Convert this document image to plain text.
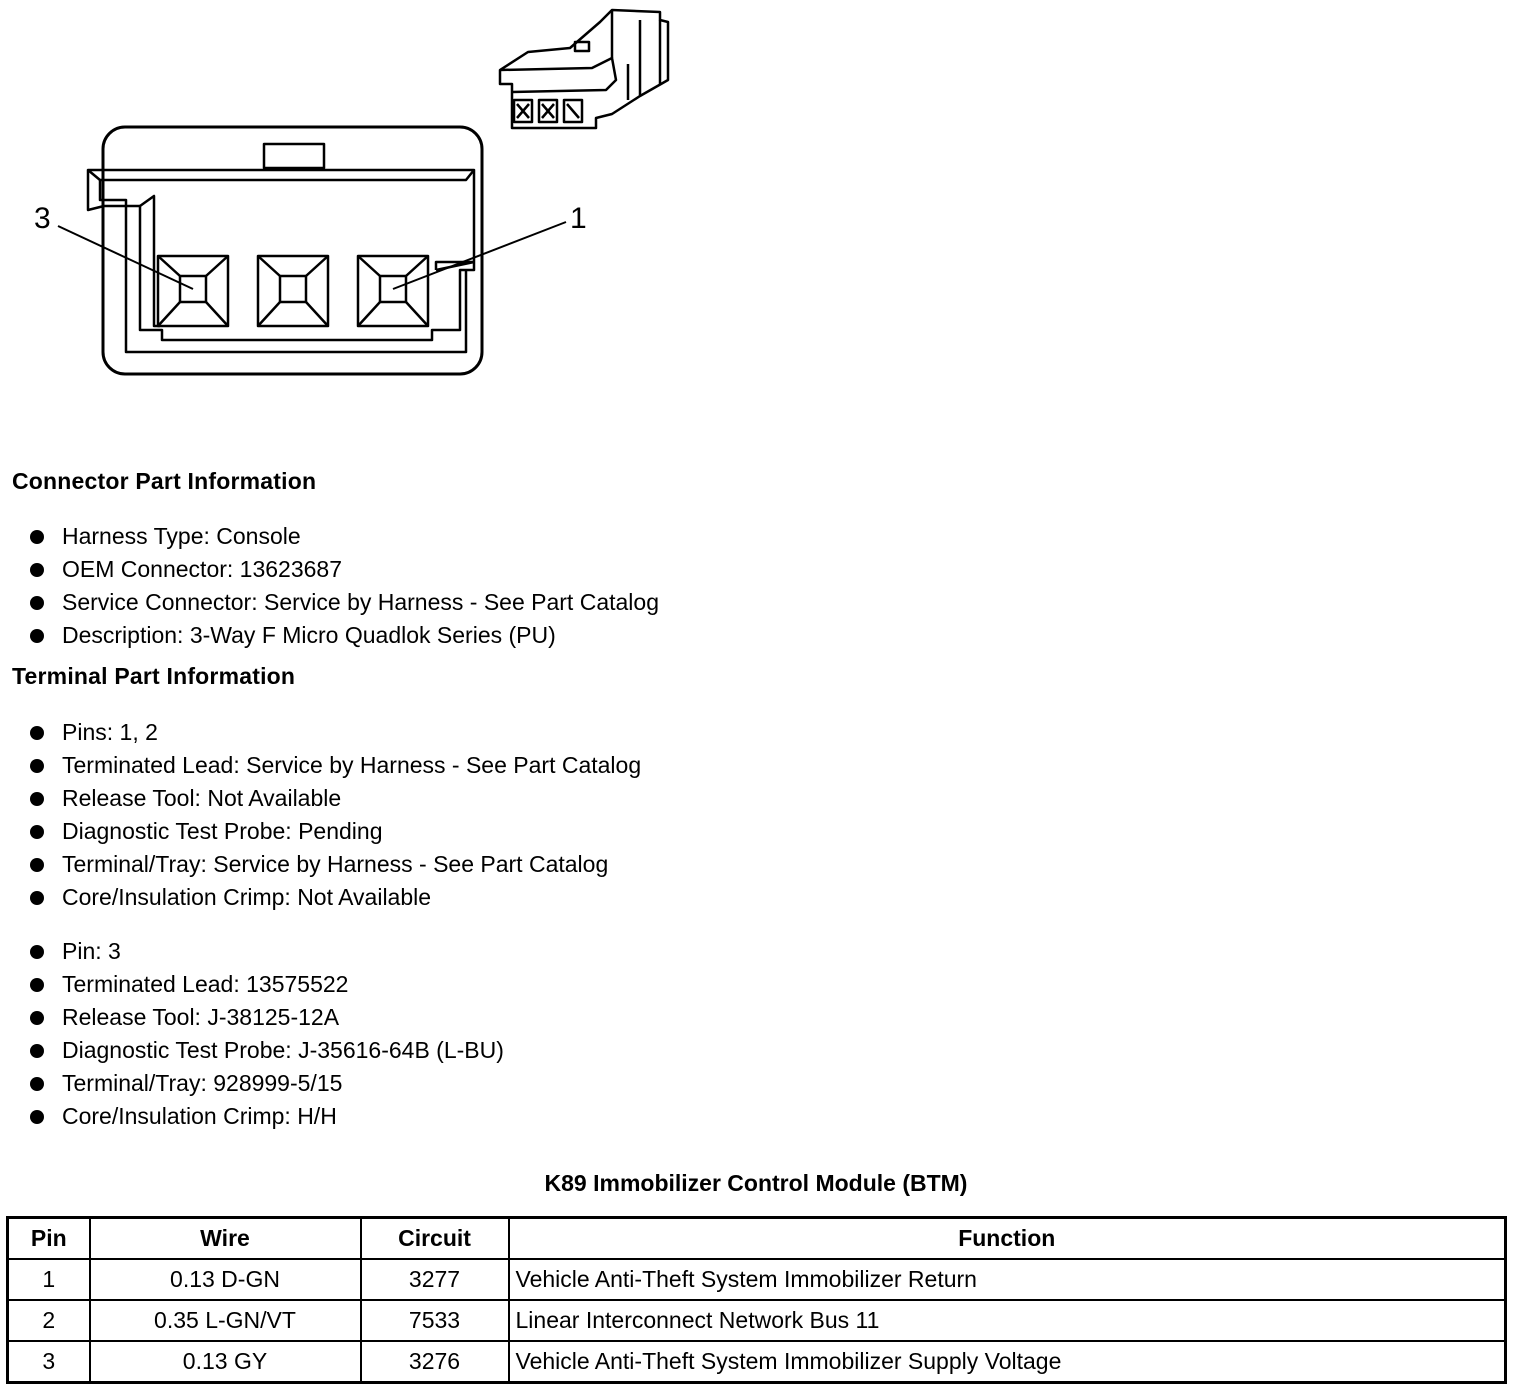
3	1
Connector Part Information
Harness Type: Console
OEM Connector: 13623687
Service Connector: Service by Harness - See Part Catalog
Description: 3-Way F Micro Quadlok Series (PU)
Terminal Part Information
Pins: 1, 2
Terminated Lead: Service by Harness - See Part Catalog
Release Tool: Not Available
Diagnostic Test Probe: Pending
Terminal/Tray: Service by Harness - See Part Catalog
Core/Insulation Crimp: Not Available
Pin: 3
Terminated Lead: 13575522
Release Tool: J-38125-12A
Diagnostic Test Probe: J-35616-64B (L-BU)
Terminal/Tray: 928999-5/15
Core/Insulation Crimp: H/H
K89 Immobilizer Control Module (BTM)
Pin	Wire	Circuit	Function
1	0.13 D-GN	3277	Vehicle Anti-Theft System Immobilizer Return
2	0.35 L-GN/VT	7533	Linear Interconnect Network Bus 11
3	0.13 GY	3276	Vehicle Anti-Theft System Immobilizer Supply Voltage
